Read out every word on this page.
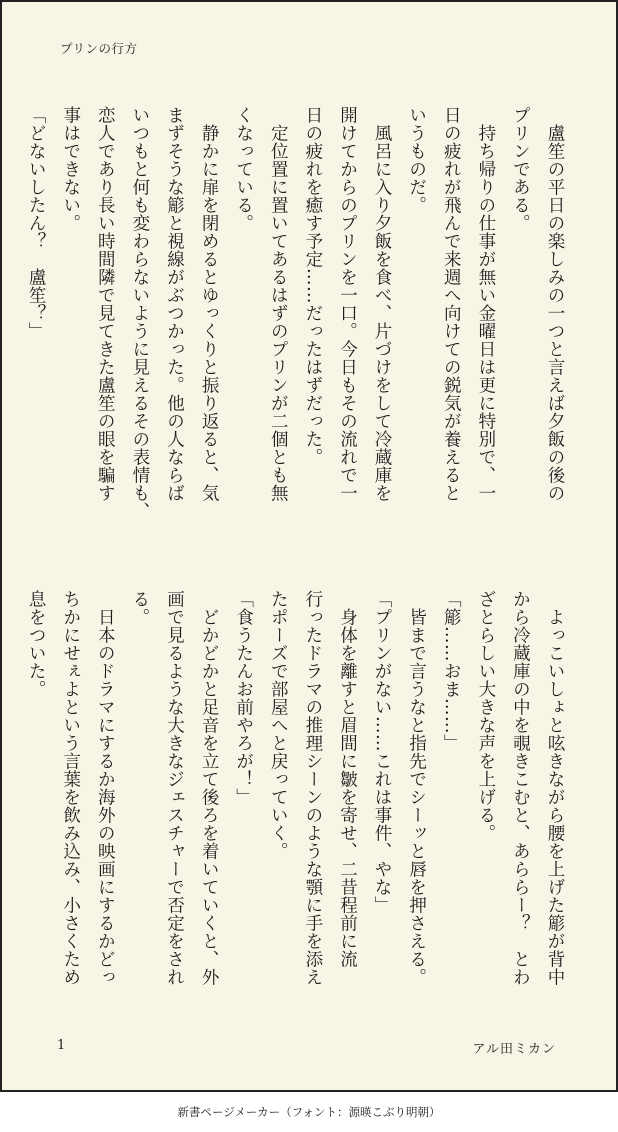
プリンの行方
　盧笙の平日の楽しみの一つと言えば夕飯の後の
プリンである。
　持ち帰りの仕事が無い金曜日は更に特別で、一
日の疲れが飛んで来週へ向けての鋭気が養えると
いうものだ。
　風呂に入り夕飯を食べ、片づけをして冷蔵庫を
開けてからのプリンを一口。今日もその流れで一
日の疲れを癒す予定……だったはずだった。
　定位置に置いてあるはずのプリンが二個とも無
くなっている。
　静かに扉を閉めるとゆっくりと振り返ると、気
まずそうな簓と視線がぶつかった。他の人ならば
いつもと何も変わらないように見えるその表情も、
恋人であり長い時間隣で見てきた盧笙の眼を騙す
事はできない。
「どないしたん？　盧笙？」
　よっこいしょと呟きながら腰を上げた簓が背中
から冷蔵庫の中を覗きこむと、あららー？　とわ
ざとらしい大きな声を上げる。
「簓……おま……」
　皆まで言うなと指先でシーッと唇を押さえる。
「プリンがない……これは事件、やな」
　身体を離すと眉間に皺を寄せ、二昔程前に流
行ったドラマの推理シーンのような顎に手を添え
たポーズで部屋へと戻っていく。
「食うたんお前やろが！」
　どかどかと足音を立て後ろを着いていくと、外
画で見るような大きなジェスチャーで否定をされ
る。
　日本のドラマにするか海外の映画にするかどっ
ちかにせぇよという言葉を飲み込み、小さくため
息をついた。
1	アル田ミカン
新書ページメーカー（フォント：源暎こぶり明朝）
